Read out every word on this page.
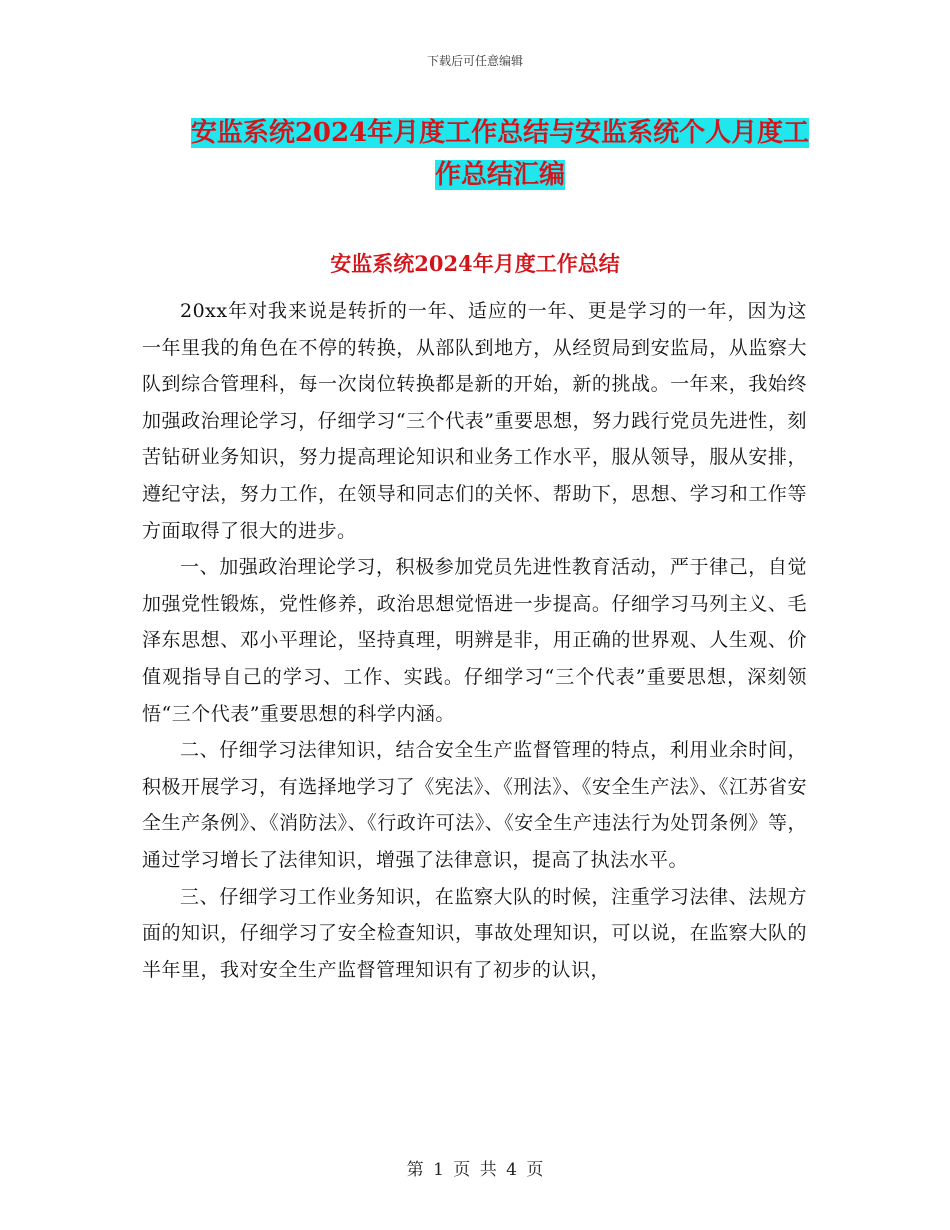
下载后可任意编辑
安监系统2024年月度工作总结与安监系统个人月度工
作总结汇编
安监系统2024年月度工作总结

20xx年对我来说是转折的一年、适应的一年、更是学习的一年，因为这一年里我的角色在不停的转换，从部队到地方，从经贸局到安监局，从监察大队到综合管理科，每一次岗位转换都是新的开始，新的挑战。一年来，我始终加强政治理论学习，仔细学习“三个代表”重要思想，努力践行党员先进性，刻苦钻研业务知识，努力提高理论知识和业务工作水平，服从领导，服从安排，遵纪守法，努力工作，在领导和同志们的关怀、帮助下，思想、学习和工作等方面取得了很大的进步。

一、加强政治理论学习，积极参加党员先进性教育活动，严于律己，自觉加强党性锻炼，党性修养，政治思想觉悟进一步提高。仔细学习马列主义、毛泽东思想、邓小平理论，坚持真理，明辨是非，用正确的世界观、人生观、价值观指导自己的学习、工作、实践。仔细学习“三个代表”重要思想，深刻领悟“三个代表”重要思想的科学内涵。

二、仔细学习法律知识，结合安全生产监督管理的特点，利用业余时间，积极开展学习，有选择地学习了《宪法》、《刑法》、《安全生产法》、《江苏省安全生产条例》、《消防法》、《行政许可法》、《安全生产违法行为处罚条例》等，通过学习增长了法律知识，增强了法律意识，提高了执法水平。

三、仔细学习工作业务知识，在监察大队的时候，注重学习法律、法规方面的知识，仔细学习了安全检查知识，事故处理知识，可以说，在监察大队的半年里，我对安全生产监督管理知识有了初步的认识，

第 1 页 共 4 页
